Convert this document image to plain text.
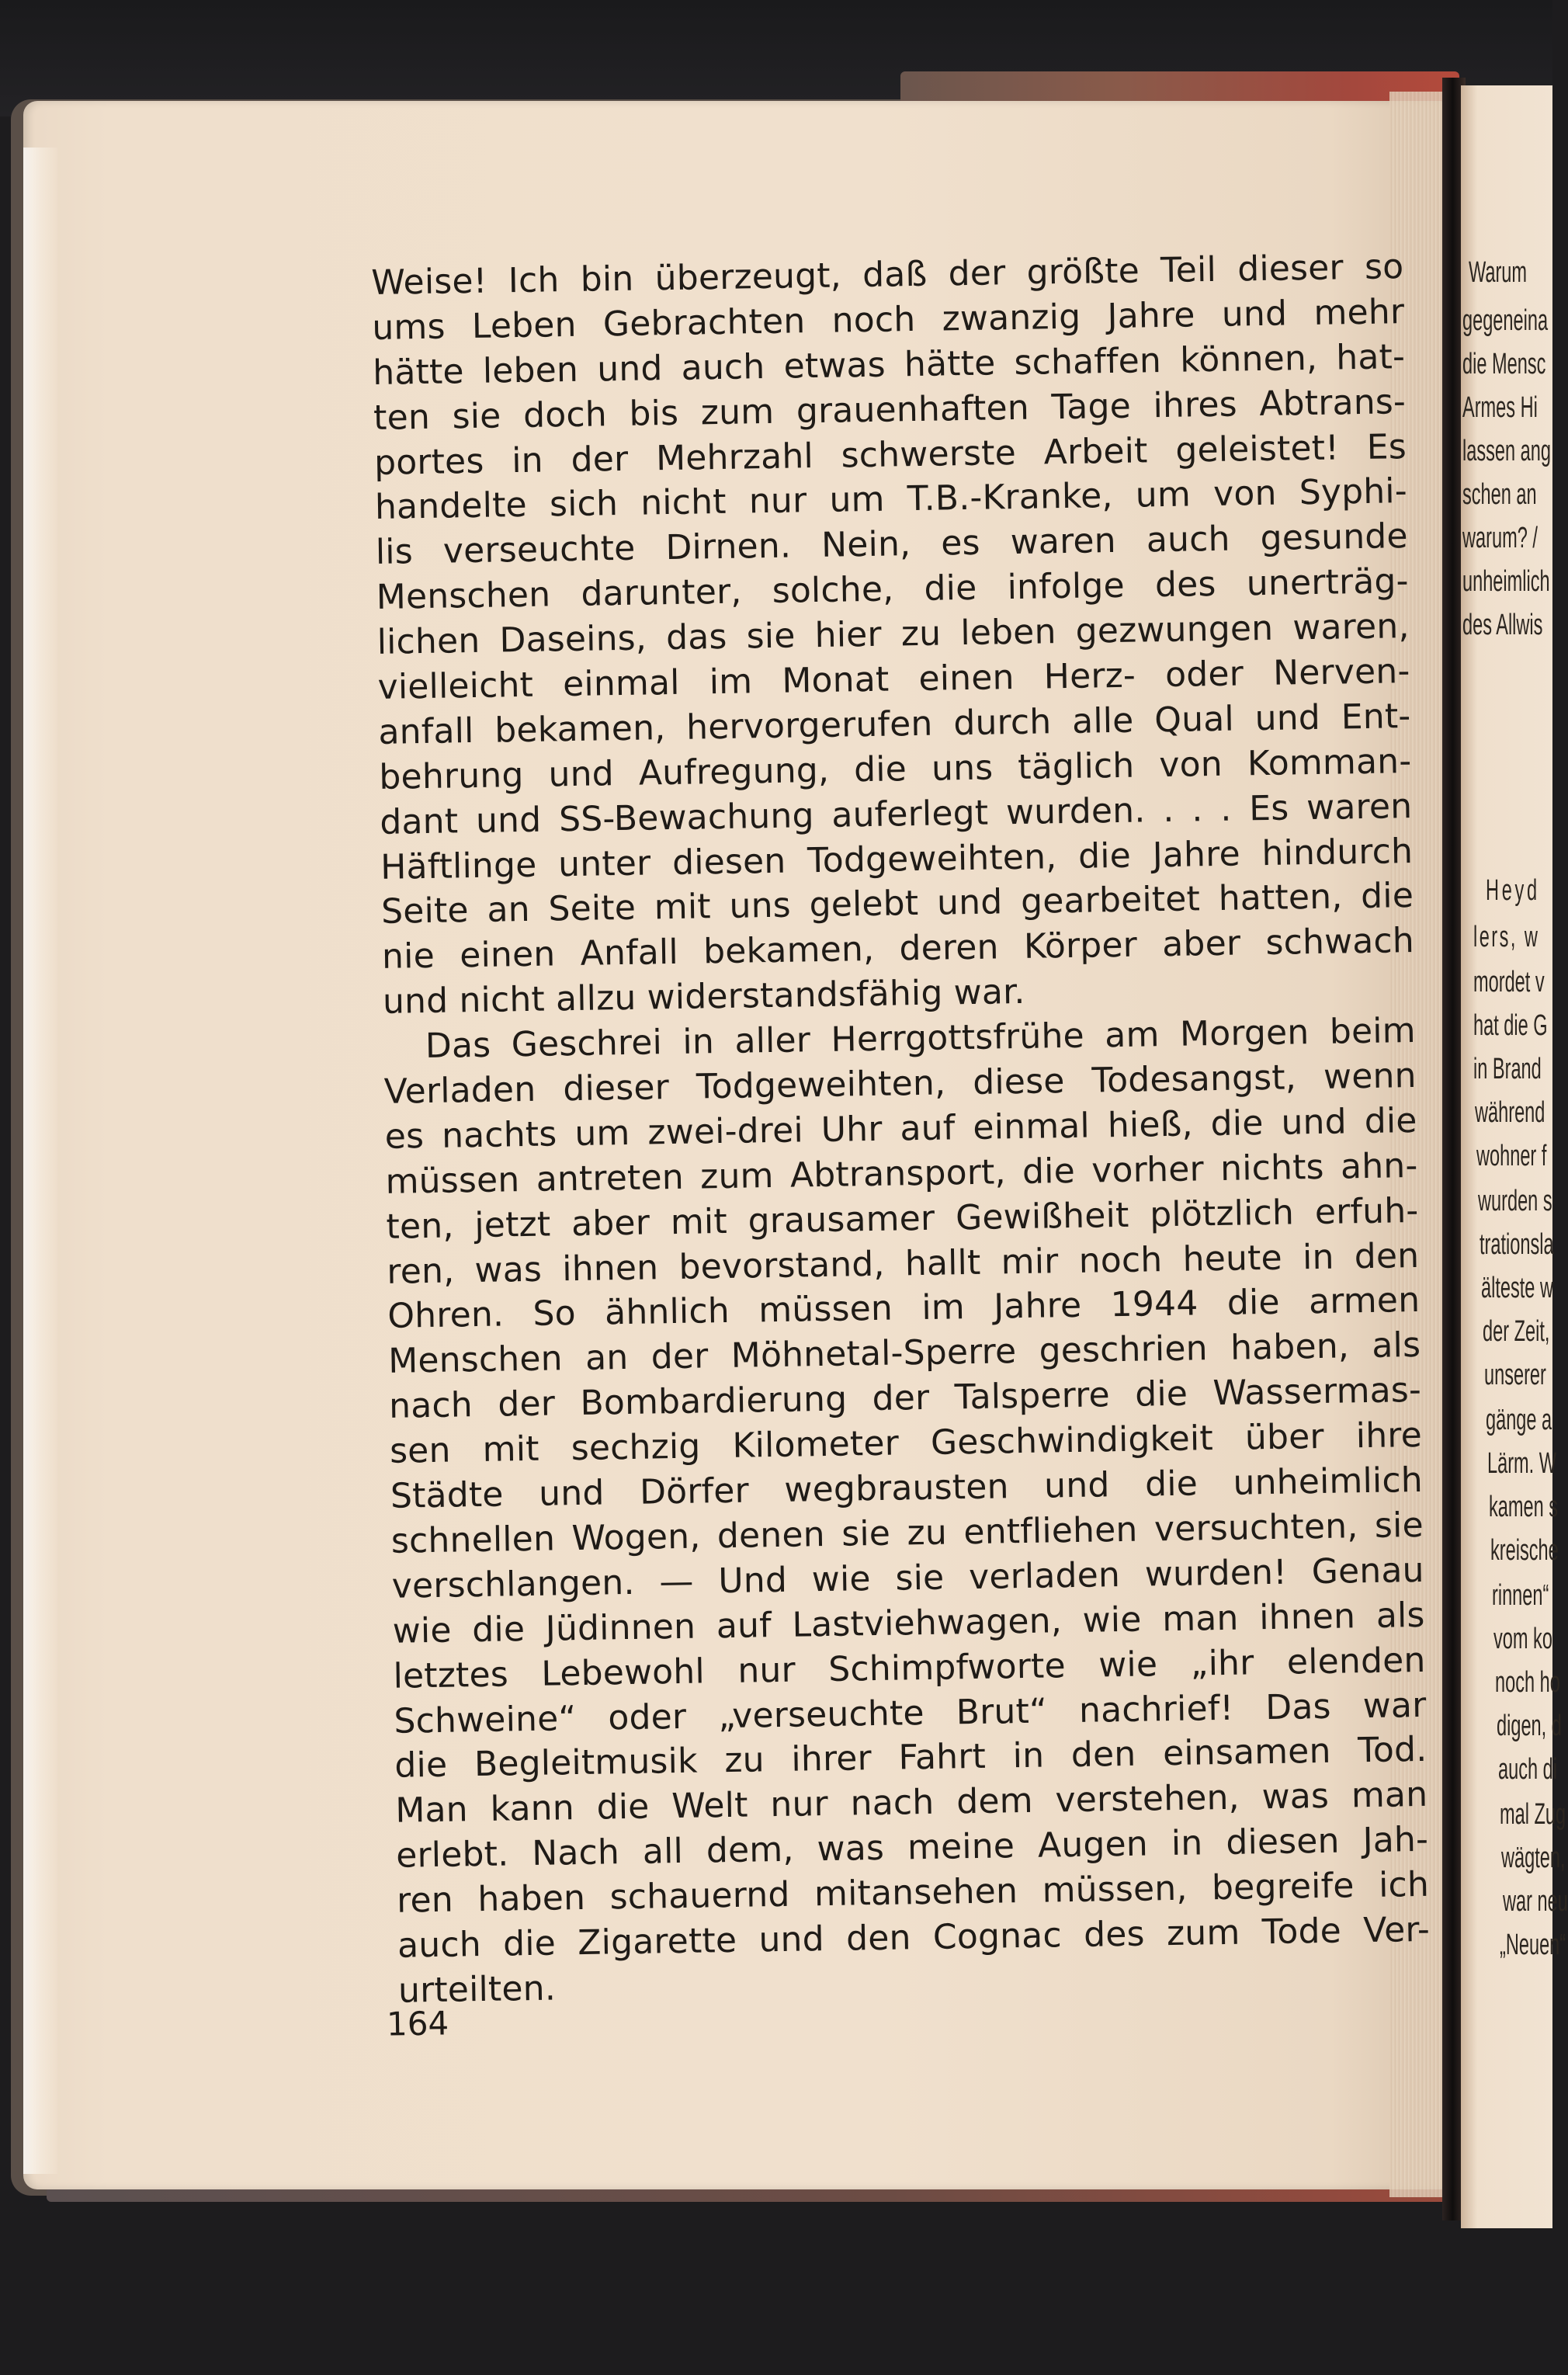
Weise! Ich bin überzeugt, daß der größte Teil dieser so
ums Leben Gebrachten noch zwanzig Jahre und mehr
hätte leben und auch etwas hätte schaffen können, hat-
ten sie doch bis zum grauenhaften Tage ihres Abtrans-
portes in der Mehrzahl schwerste Arbeit geleistet! Es
handelte sich nicht nur um T.B.-Kranke, um von Syphi-
lis verseuchte Dirnen. Nein, es waren auch gesunde
Menschen darunter, solche, die infolge des unerträg-
lichen Daseins, das sie hier zu leben gezwungen waren,
vielleicht einmal im Monat einen Herz- oder Nerven-
anfall bekamen, hervorgerufen durch alle Qual und Ent-
behrung und Aufregung, die uns täglich von Komman-
dant und SS-Bewachung auferlegt wurden. . . . Es waren
Häftlinge unter diesen Todgeweihten, die Jahre hindurch
Seite an Seite mit uns gelebt und gearbeitet hatten, die
nie einen Anfall bekamen, deren Körper aber schwach
und nicht allzu widerstandsfähig war.
Das Geschrei in aller Herrgottsfrühe am Morgen beim
Verladen dieser Todgeweihten, diese Todesangst, wenn
es nachts um zwei-drei Uhr auf einmal hieß, die und die
müssen antreten zum Abtransport, die vorher nichts ahn-
ten, jetzt aber mit grausamer Gewißheit plötzlich erfuh-
ren, was ihnen bevorstand, hallt mir noch heute in den
Ohren. So ähnlich müssen im Jahre 1944 die armen
Menschen an der Möhnetal-Sperre geschrien haben, als
nach der Bombardierung der Talsperre die Wassermas-
sen mit sechzig Kilometer Geschwindigkeit über ihre
Städte und Dörfer wegbrausten und die unheimlich
schnellen Wogen, denen sie zu entfliehen versuchten, sie
verschlangen. — Und wie sie verladen wurden! Genau
wie die Jüdinnen auf Lastviehwagen, wie man ihnen als
letztes Lebewohl nur Schimpfworte wie „ihr elenden
Schweine“ oder „verseuchte Brut“ nachrief! Das war
die Begleitmusik zu ihrer Fahrt in den einsamen Tod.
Man kann die Welt nur nach dem verstehen, was man
erlebt. Nach all dem, was meine Augen in diesen Jah-
ren haben schauernd mitansehen müssen, begreife ich
auch die Zigarette und den Cognac des zum Tode Ver-
urteilten.
164
Warum
gegeneina
die Mensc
Armes Hi
lassen ang
schen an
warum? /
unheimlich
des Allwis
Heyd
lers, w
mordet v
hat die G
in Brand
während
wohner f
wurden s
trationsla
älteste w
der Zeit,
unserer
gänge a
Lärm. W
kamen s
kreische
rinnen“
vom ko
noch ho
digen, d
auch di
mal Zug
wägten,
war neu
„Neuen“
